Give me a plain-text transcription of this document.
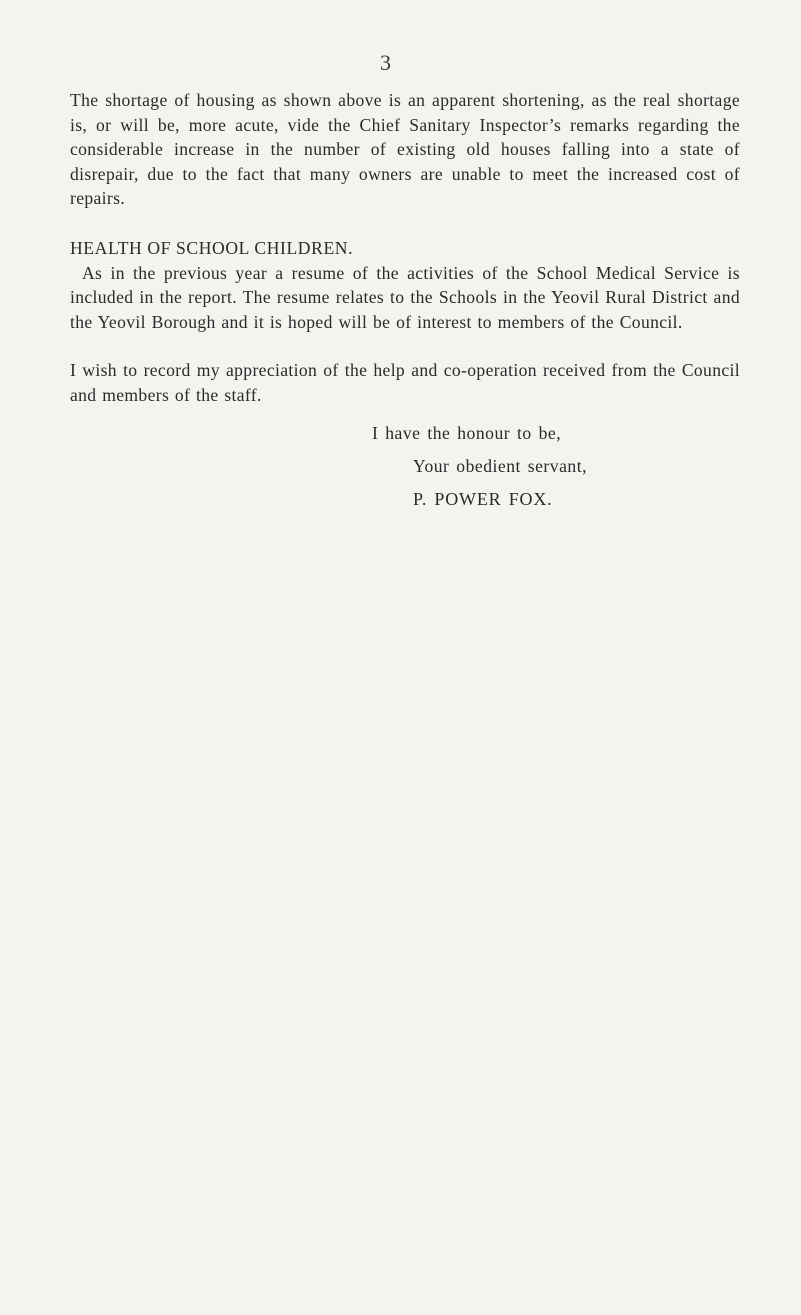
3

The shortage of housing as shown above is an apparent shortening, as the real shortage is, or will be, more acute, vide the Chief Sanitary Inspector’s remarks regarding the considerable increase in the number of existing old houses falling into a state of disrepair, due to the fact that many owners are unable to meet the increased cost of repairs.

HEALTH OF SCHOOL CHILDREN.

As in the previous year a resume of the activities of the School Medical Service is included in the report. The resume relates to the Schools in the Yeovil Rural District and the Yeovil Borough and it is hoped will be of interest to members of the Council.

I wish to record my appreciation of the help and co-operation received from the Council and members of the staff.

I have the honour to be,
Your obedient servant,
P. POWER FOX.
